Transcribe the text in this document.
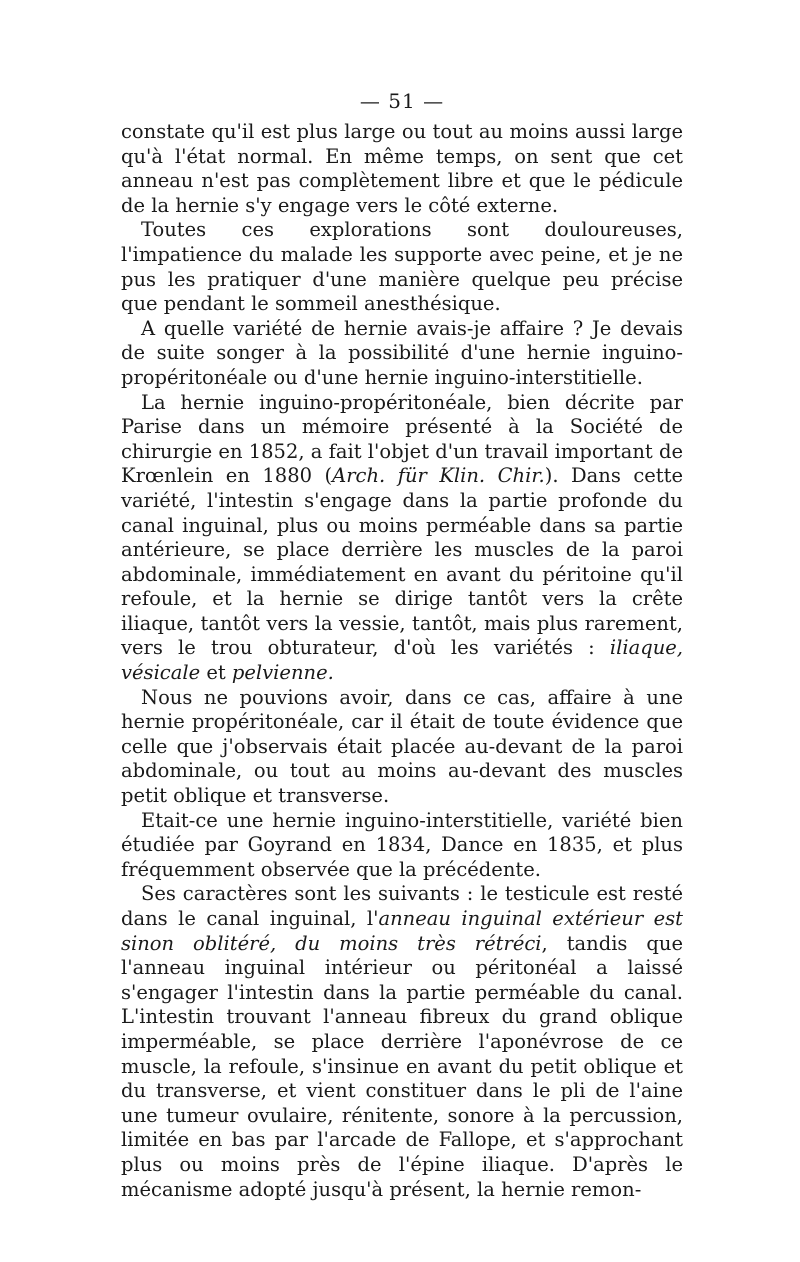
— 51 —

constate qu'il est plus large ou tout au moins aussi large qu'à l'état normal. En même temps, on sent que cet anneau n'est pas complètement libre et que le pédicule de la hernie s'y engage vers le côté externe.

Toutes ces explorations sont douloureuses, l'impatience du malade les supporte avec peine, et je ne pus les pratiquer d'une manière quelque peu précise que pendant le sommeil anesthésique.

A quelle variété de hernie avais-je affaire ? Je devais de suite songer à la possibilité d'une hernie inguino-propéritonéale ou d'une hernie inguino-interstitielle.

La hernie inguino-propéritonéale, bien décrite par Parise dans un mémoire présenté à la Société de chirurgie en 1852, a fait l'objet d'un travail important de Krœnlein en 1880 (Arch. für Klin. Chir.). Dans cette variété, l'intestin s'engage dans la partie profonde du canal inguinal, plus ou moins perméable dans sa partie antérieure, se place derrière les muscles de la paroi abdominale, immédiatement en avant du péritoine qu'il refoule, et la hernie se dirige tantôt vers la crête iliaque, tantôt vers la vessie, tantôt, mais plus rarement, vers le trou obturateur, d'où les variétés : iliaque, vésicale et pelvienne.

Nous ne pouvions avoir, dans ce cas, affaire à une hernie propéritonéale, car il était de toute évidence que celle que j'observais était placée au-devant de la paroi abdominale, ou tout au moins au-devant des muscles petit oblique et transverse.

Etait-ce une hernie inguino-interstitielle, variété bien étudiée par Goyrand en 1834, Dance en 1835, et plus fréquemment observée que la précédente.

Ses caractères sont les suivants : le testicule est resté dans le canal inguinal, l'anneau inguinal extérieur est sinon oblitéré, du moins très rétréci, tandis que l'anneau inguinal intérieur ou péritonéal a laissé s'engager l'intestin dans la partie perméable du canal. L'intestin trouvant l'anneau fibreux du grand oblique imperméable, se place derrière l'aponévrose de ce muscle, la refoule, s'insinue en avant du petit oblique et du transverse, et vient constituer dans le pli de l'aine une tumeur ovulaire, rénitente, sonore à la percussion, limitée en bas par l'arcade de Fallope, et s'approchant plus ou moins près de l'épine iliaque. D'après le mécanisme adopté jusqu'à présent, la hernie remon-
